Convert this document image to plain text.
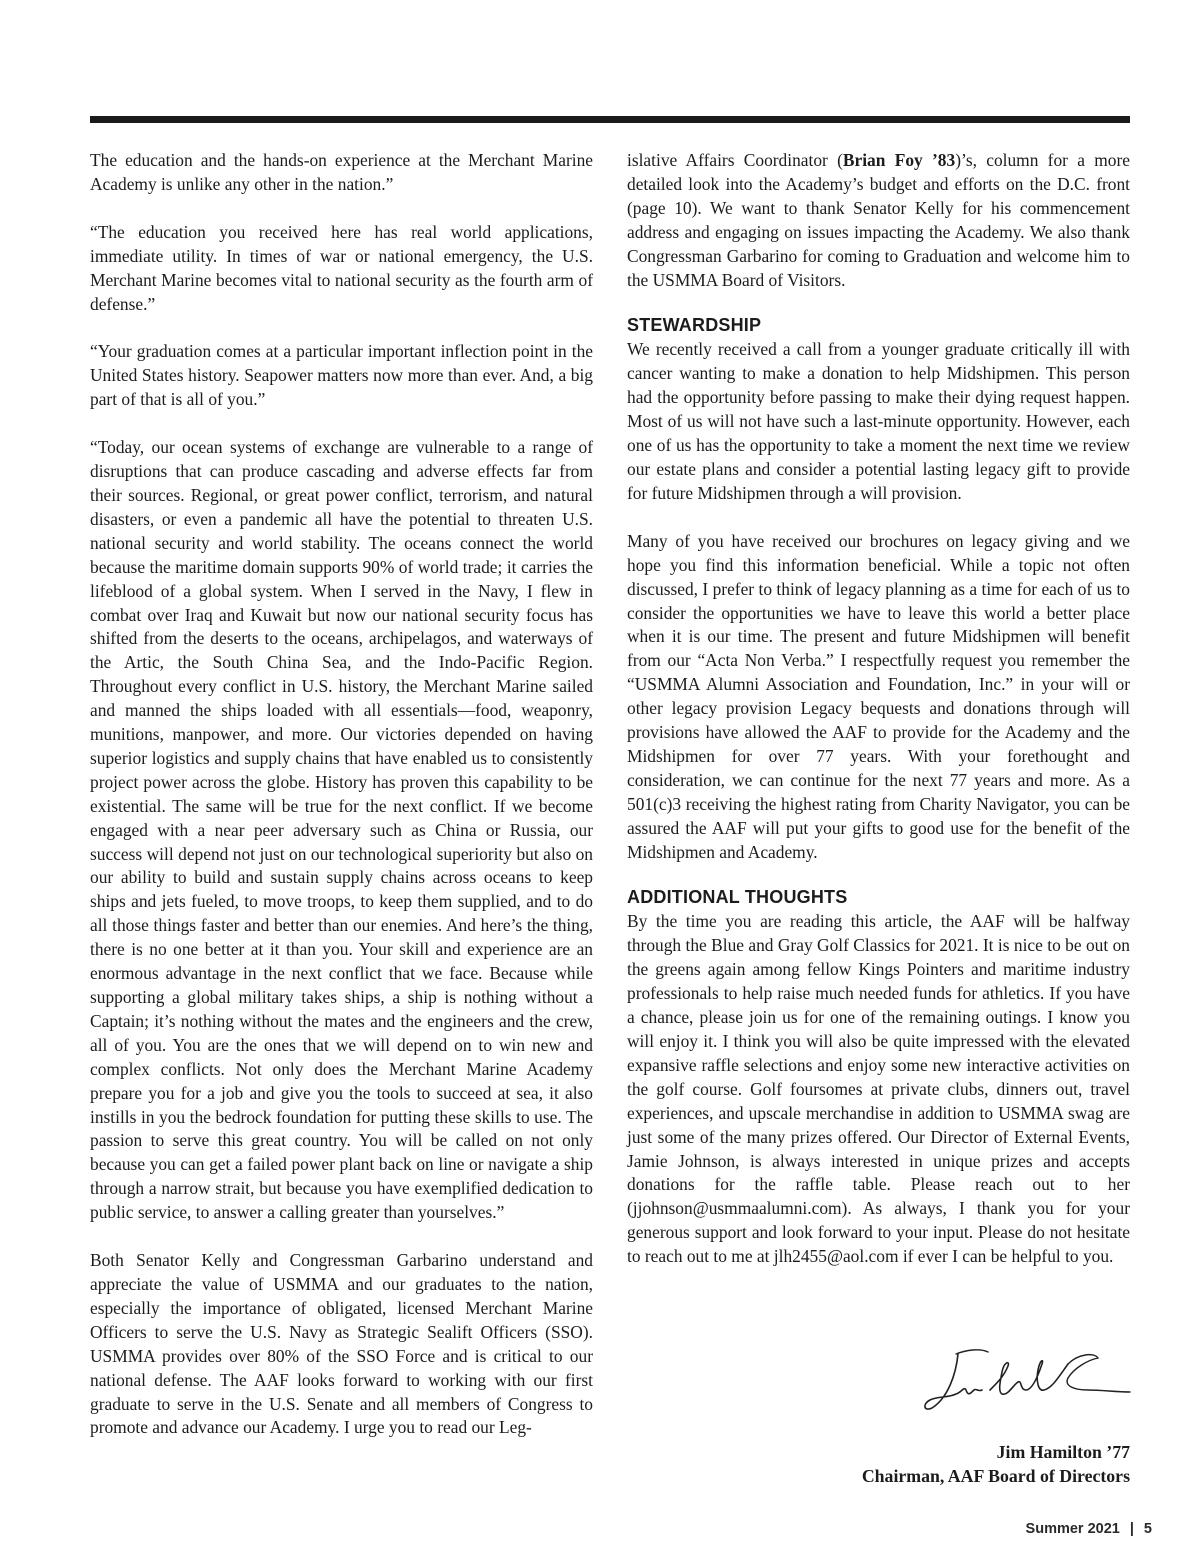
The education and the hands-on experience at the Merchant Marine Academy is unlike any other in the nation.”

“The education you received here has real world applications, immediate utility. In times of war or national emergency, the U.S. Merchant Marine becomes vital to national security as the fourth arm of defense.”

“Your graduation comes at a particular important inflection point in the United States history. Seapower matters now more than ever. And, a big part of that is all of you.”

“Today, our ocean systems of exchange are vulnerable to a range of disruptions that can produce cascading and adverse effects far from their sources. Regional, or great power conflict, terrorism, and natural disasters, or even a pandemic all have the potential to threaten U.S. national security and world stability. The oceans connect the world because the maritime domain supports 90% of world trade; it carries the lifeblood of a global system. When I served in the Navy, I flew in combat over Iraq and Kuwait but now our national security focus has shifted from the deserts to the oceans, archipelagos, and waterways of the Artic, the South China Sea, and the Indo-Pacific Region. Throughout every conflict in U.S. history, the Merchant Marine sailed and manned the ships loaded with all essentials—food, weaponry, munitions, manpower, and more. Our victories depended on having superior logistics and supply chains that have enabled us to consistently project power across the globe. History has proven this capability to be existential. The same will be true for the next conflict. If we become engaged with a near peer adversary such as China or Russia, our success will depend not just on our technological superiority but also on our ability to build and sustain supply chains across oceans to keep ships and jets fueled, to move troops, to keep them supplied, and to do all those things faster and better than our enemies. And here’s the thing, there is no one better at it than you. Your skill and experience are an enormous advantage in the next conflict that we face. Because while supporting a global military takes ships, a ship is nothing without a Captain; it’s nothing without the mates and the engineers and the crew, all of you. You are the ones that we will depend on to win new and complex conflicts. Not only does the Merchant Marine Academy prepare you for a job and give you the tools to succeed at sea, it also instills in you the bedrock foundation for putting these skills to use. The passion to serve this great country. You will be called on not only because you can get a failed power plant back on line or navigate a ship through a narrow strait, but because you have exemplified dedication to public service, to answer a calling greater than yourselves.”

Both Senator Kelly and Congressman Garbarino understand and appreciate the value of USMMA and our graduates to the nation, especially the importance of obligated, licensed Merchant Marine Officers to serve the U.S. Navy as Strategic Sealift Officers (SSO). USMMA provides over 80% of the SSO Force and is critical to our national defense. The AAF looks forward to working with our first graduate to serve in the U.S. Senate and all members of Congress to promote and advance our Academy. I urge you to read our Leg-

islative Affairs Coordinator (Brian Foy ’83)’s, column for a more detailed look into the Academy’s budget and efforts on the D.C. front (page 10). We want to thank Senator Kelly for his commencement address and engaging on issues impacting the Academy. We also thank Congressman Garbarino for coming to Graduation and welcome him to the USMMA Board of Visitors.

STEWARDSHIP

We recently received a call from a younger graduate critically ill with cancer wanting to make a donation to help Midshipmen. This person had the opportunity before passing to make their dying request happen. Most of us will not have such a last-minute opportunity. However, each one of us has the opportunity to take a moment the next time we review our estate plans and consider a potential lasting legacy gift to provide for future Midshipmen through a will provision.

Many of you have received our brochures on legacy giving and we hope you find this information beneficial. While a topic not often discussed, I prefer to think of legacy planning as a time for each of us to consider the opportunities we have to leave this world a better place when it is our time. The present and future Midshipmen will benefit from our “Acta Non Verba.” I respectfully request you remember the “USMMA Alumni Association and Foundation, Inc.” in your will or other legacy provision Legacy bequests and donations through will provisions have allowed the AAF to provide for the Academy and the Midshipmen for over 77 years. With your forethought and consideration, we can continue for the next 77 years and more. As a 501(c)3 receiving the highest rating from Charity Navigator, you can be assured the AAF will put your gifts to good use for the benefit of the Midshipmen and Academy.

ADDITIONAL THOUGHTS

By the time you are reading this article, the AAF will be halfway through the Blue and Gray Golf Classics for 2021. It is nice to be out on the greens again among fellow Kings Pointers and maritime industry professionals to help raise much needed funds for athletics. If you have a chance, please join us for one of the remaining outings. I know you will enjoy it. I think you will also be quite impressed with the elevated expansive raffle selections and enjoy some new interactive activities on the golf course. Golf foursomes at private clubs, dinners out, travel experiences, and upscale merchandise in addition to USMMA swag are just some of the many prizes offered. Our Director of External Events, Jamie Johnson, is always interested in unique prizes and accepts donations for the raffle table. Please reach out to her (jjohnson@usmmaalumni.com). As always, I thank you for your generous support and look forward to your input. Please do not hesitate to reach out to me at jlh2455@aol.com if ever I can be helpful to you.

Jim Hamilton ’77
Chairman, AAF Board of Directors
Summer 2021 | 5
